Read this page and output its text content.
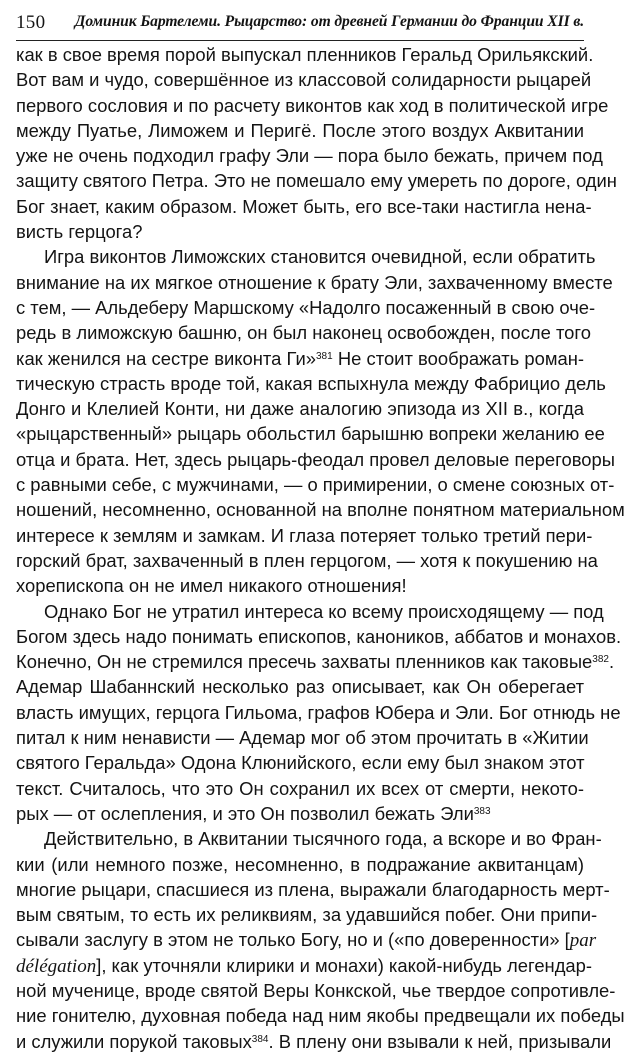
150 Доминик Бартелеми. Рыцарство: от древней Германии до Франции XII в.
как в свое время порой выпускал пленников Геральд Орильякский.
Вот вам и чудо, совершённое из классовой солидарности рыцарей
первого сословия и по расчету виконтов как ход в политической игре
между Пуатье, Лиможем и Перигё. После этого воздух Аквитании
уже не очень подходил графу Эли — пора было бежать, причем под
защиту святого Петра. Это не помешало ему умереть по дороге, один
Бог знает, каким образом. Может быть, его все-таки настигла нена-
висть герцога?
Игра виконтов Лиможских становится очевидной, если обратить
внимание на их мягкое отношение к брату Эли, захваченному вместе
с тем, — Альдеберу Маршскому «Надолго посаженный в свою оче-
редь в лиможскую башню, он был наконец освобожден, после того
как женился на сестре виконта Ги»$^{381}$ Не стоит воображать роман-
тическую страсть вроде той, какая вспыхнула между Фабрицио дель
Донго и Клелией Конти, ни даже аналогию эпизода из XII в., когда
«рыцарственный» рыцарь обольстил барышню вопреки желанию ее
отца и брата. Нет, здесь рыцарь-феодал провел деловые переговоры
с равными себе, с мужчинами, — о примирении, о смене союзных от-
ношений, несомненно, основанной на вполне понятном материальном
интересе к землям и замкам. И глаза потеряет только третий пери-
горский брат, захваченный в плен герцогом, — хотя к покушению на
хорепископа он не имел никакого отношения!
Однако Бог не утратил интереса ко всему происходящему — под
Богом здесь надо понимать епископов, каноников, аббатов и монахов.
Конечно, Он не стремился пресечь захваты пленников как таковые$^{382}$.
Адемар Шабаннский несколько раз описывает, как Он оберегает
власть имущих, герцога Гильома, графов Юбера и Эли. Бог отнюдь не
питал к ним ненависти — Адемар мог об этом прочитать в «Житии
святого Геральда» Одона Клюнийского, если ему был знаком этот
текст. Считалось, что это Он сохранил их всех от смерти, некото-
рых — от ослепления, и это Он позволил бежать Эли$^{383}$
Действительно, в Аквитании тысячного года, а вскоре и во Фран-
кии (или немного позже, несомненно, в подражание аквитанцам)
многие рыцари, спасшиеся из плена, выражали благодарность мерт-
вым святым, то есть их реликвиям, за удавшийся побег. Они припи-
сывали заслугу в этом не только Богу, но и («по доверенности» [par
délégation], как уточняли клирики и монахи) какой-нибудь легендар-
ной мученице, вроде святой Веры Конкской, чье твердое сопротивле-
ние гонителю, духовная победа над ним якобы предвещали их победы
и служили порукой таковых$^{384}$. В плену они взывали к ней, призывали
